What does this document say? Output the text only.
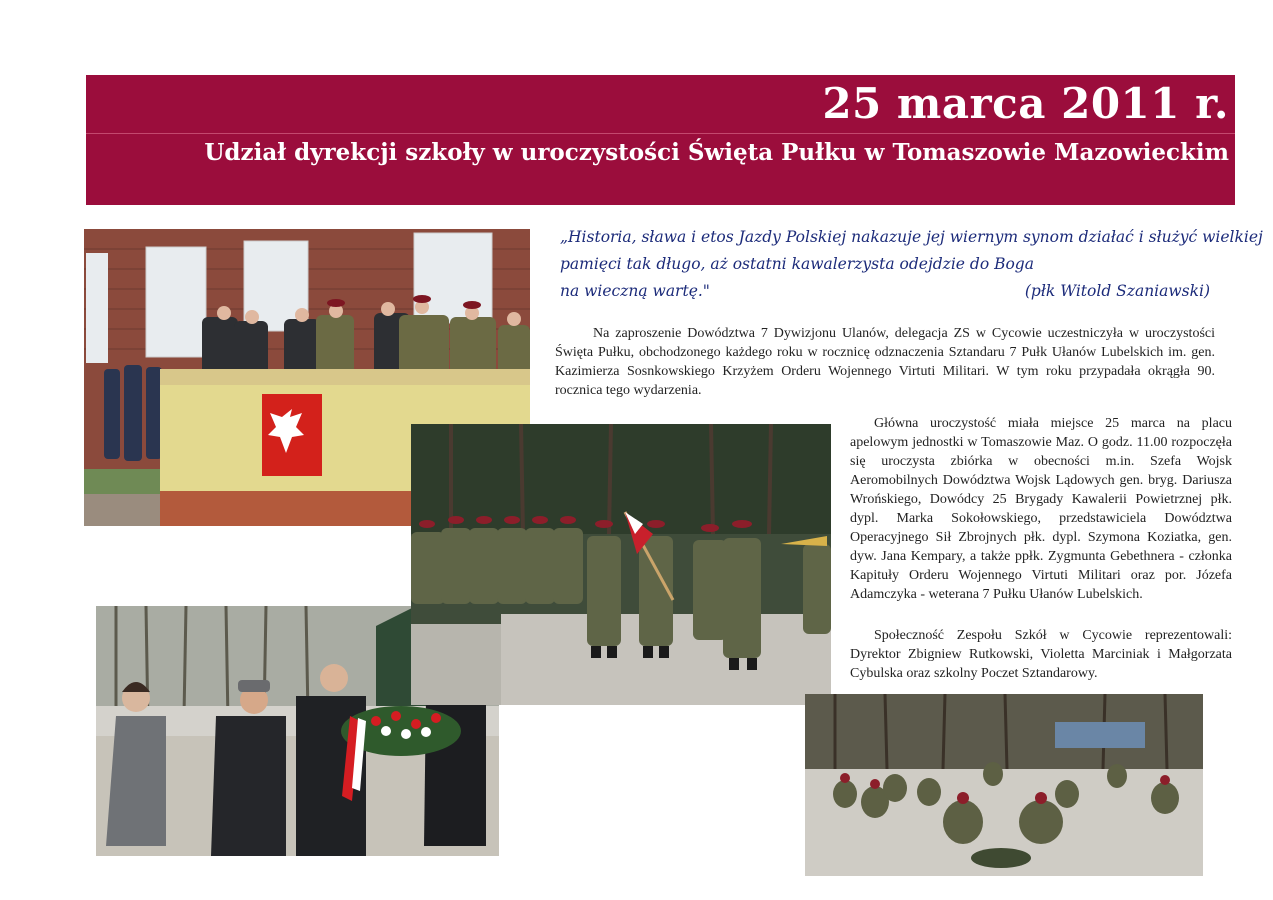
25 marca 2011 r.
Udział dyrekcji szkoły w uroczystości Święta Pułku w Tomaszowie Mazowieckim
„Historia, sława i etos Jazdy Polskiej nakazuje jej wiernym synom działać i służyć wielkiej
pamięci tak długo, aż ostatni kawalerzysta odejdzie do Boga
na wieczną wartę."	(płk Witold Szaniawski)

Na zaproszenie Dowództwa 7 Dywizjonu Ulanów, delegacja ZS w Cycowie uczestniczyła w uroczystości Święta Pułku, obchodzonego każdego roku w rocznicę odznaczenia Sztandaru 7 Pułk Ułanów Lubelskich im. gen. Kazimierza Sosnkowskiego Krzyżem Orderu Wojennego Virtuti Militari. W tym roku przypadała okrągła 90. rocznica tego wydarzenia.

Główna uroczystość miała miejsce 25 marca na placu apelowym jednostki w Tomaszowie Maz. O godz. 11.00 rozpoczęła się uroczysta zbiórka w obecności m.in. Szefa Wojsk Aeromobilnych Dowództwa Wojsk Lądowych gen. bryg. Dariusza Wrońskiego, Dowódcy 25 Brygady Kawalerii Powietrznej płk. dypl. Marka Sokołowskiego, przedstawiciela Dowództwa Operacyjnego Sił Zbrojnych płk. dypl. Szymona Koziatka, gen. dyw. Jana Kempary, a także ppłk. Zygmunta Gebethnera - członka Kapituły Orderu Wojennego Virtuti Militari oraz por. Józefa Adamczyka - weterana 7 Pułku Ułanów Lubelskich.

Społeczność Zespołu Szkół w Cycowie reprezentowali: Dyrektor Zbigniew Rutkowski, Violetta Marciniak i Małgorzata Cybulska oraz szkolny Poczet Sztandarowy.
